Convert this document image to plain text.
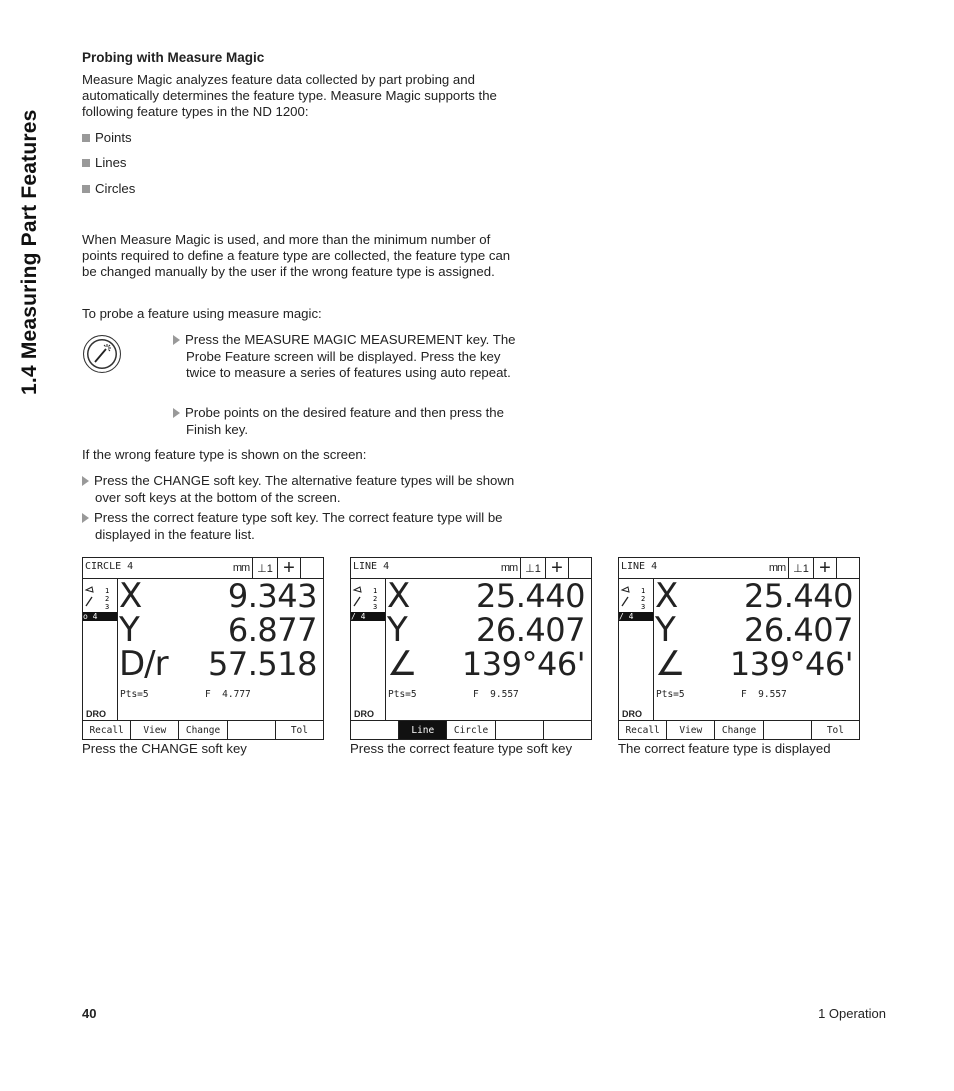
1.4 Measuring Part Features
Probing with Measure Magic

Measure Magic analyzes feature data collected by part probing and automatically determines the feature type. Measure Magic supports the following feature types in the ND 1200:

Points
Lines
Circles

When Measure Magic is used, and more than the minimum number of points required to define a feature type are collected, the feature type can be changed manually by the user if the wrong feature type is assigned.

To probe a feature using measure magic:

Press the MEASURE MAGIC MEASUREMENT key. The Probe Feature screen will be displayed. Press the key twice to measure a series of features using auto repeat.
Probe points on the desired feature and then press the Finish key.

If the wrong feature type is shown on the screen:

Press the CHANGE soft key. The alternative feature types will be shown over soft keys at the bottom of the screen.
Press the correct feature type soft key. The correct feature type will be displayed in the feature list.
CIRCLE 4	mm ⊥1 +
1
2
3
o 4
X	9.343
Y	6.877
D/r 57.518
Pts=5	F  4.777
DRO
Recall	View	Change	Tol
Press the CHANGE soft key
LINE 4	mm ⊥1 +
1
2
3
/ 4
X 25.440
Y 26.407
∠ 139°46'
Pts=5	F  9.557
DRO
Line	Circle
Press the correct feature type soft key
LINE 4	mm ⊥1 +
1
2
3
/ 4
X 25.440
Y 26.407
∠ 139°46'
Pts=5	F  9.557
DRO
Recall	View	Change	Tol
The correct feature type is displayed
40	1 Operation
